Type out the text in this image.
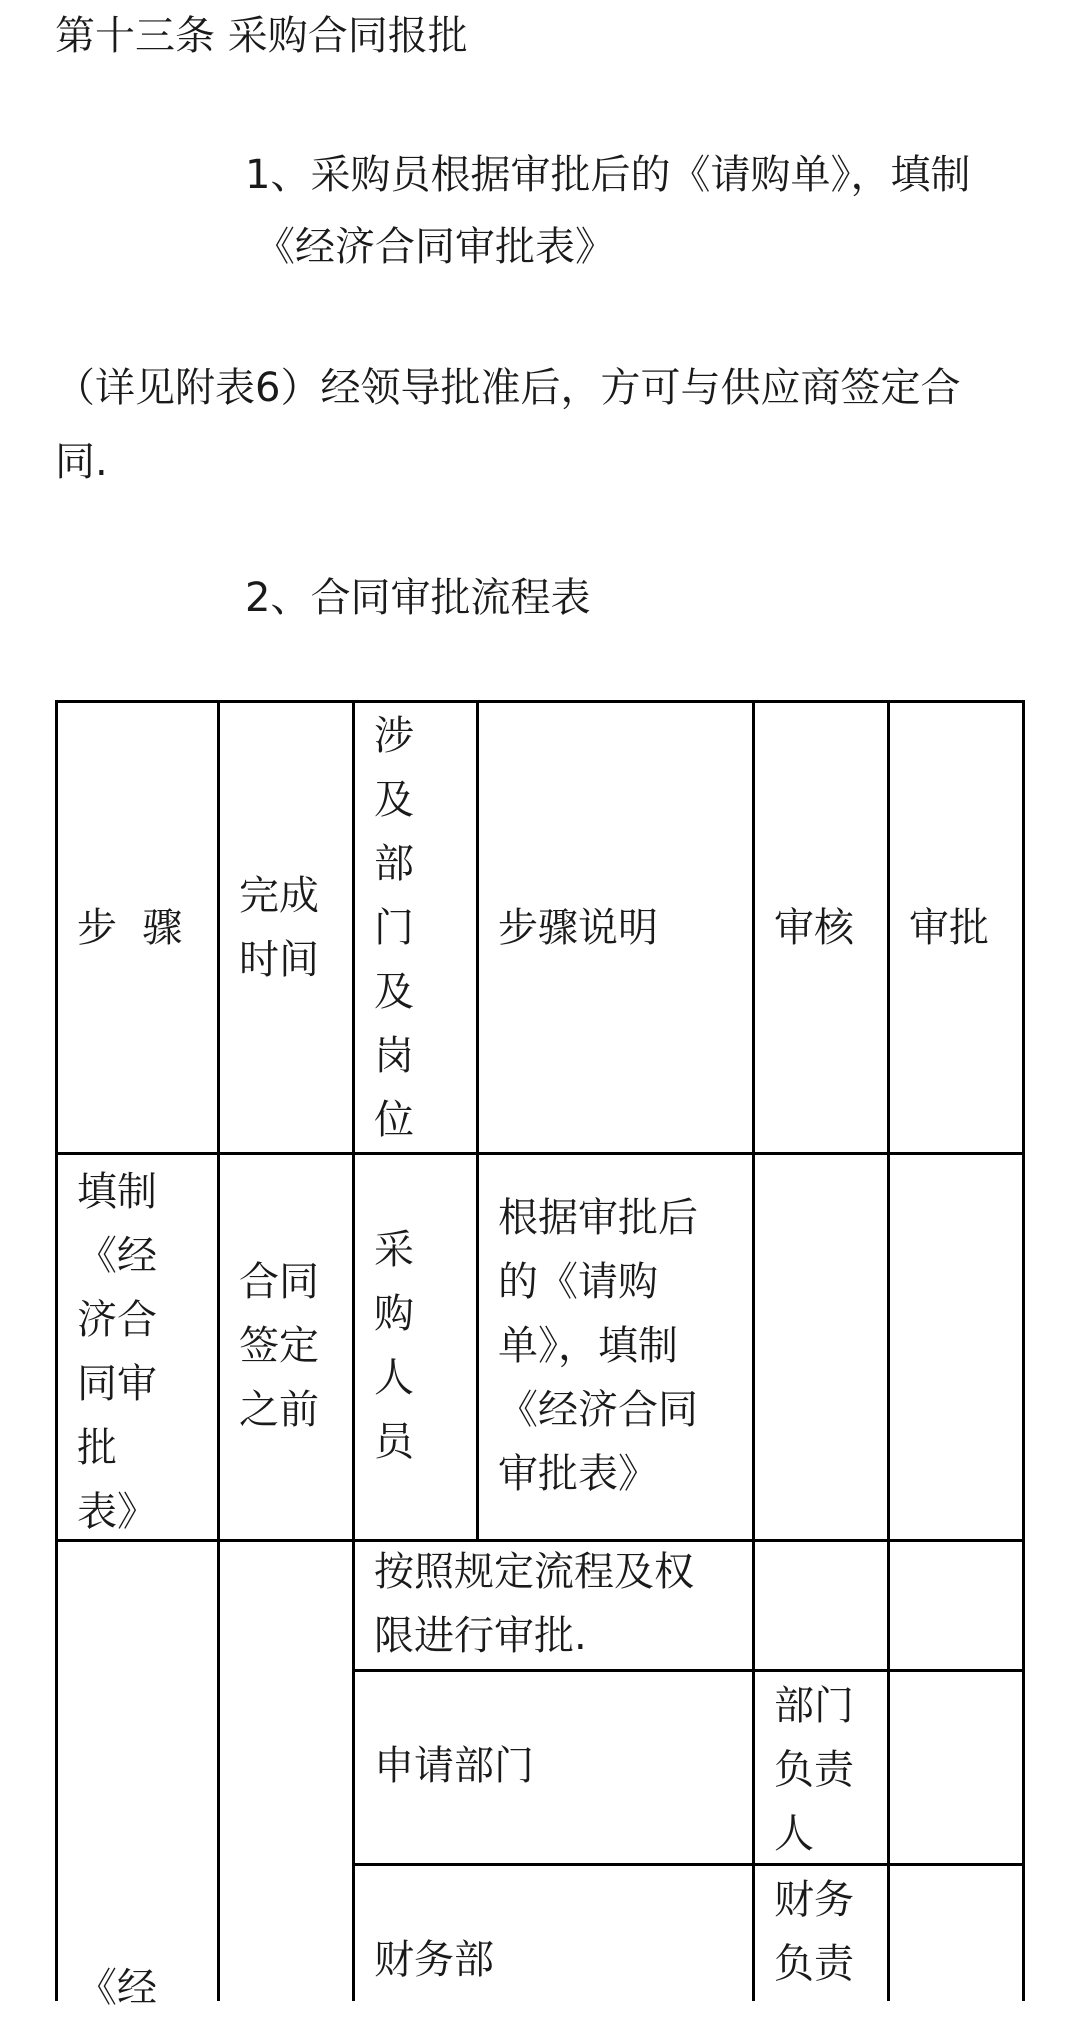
第十三条 采购合同报批

1、采购员根据审批后的《请购单》，填制

《经济合同审批表》

（详见附表6）经领导批准后，方可与供应商签定合

同.

2、合同审批流程表

步  骤
完成
时间
涉
及
部
门
及
岗
位
步骤说明	审核 审批
填制
《经
济合
同审
批
表》
合同
签定
之前
采
购
人
员
根据审批后
的《请购
单》，填制
《经济合同
审批表》
按照规定流程及权
限进行审批.
申请部门
部门
负责
人
财务部
财务
负责
《经
